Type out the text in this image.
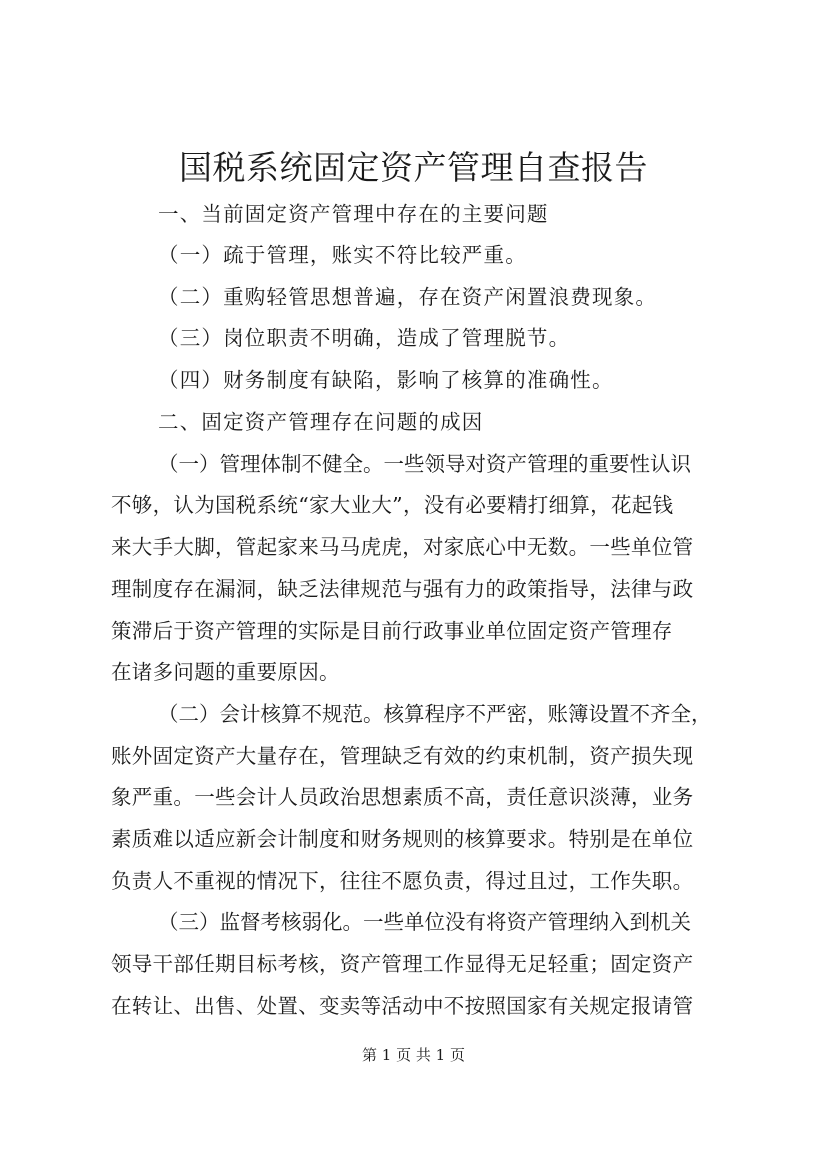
国税系统固定资产管理自查报告
一、当前固定资产管理中存在的主要问题
（一）疏于管理，账实不符比较严重。
（二）重购轻管思想普遍，存在资产闲置浪费现象。
（三）岗位职责不明确，造成了管理脱节。
（四）财务制度有缺陷，影响了核算的准确性。
二、固定资产管理存在问题的成因
（一）管理体制不健全。一些领导对资产管理的重要性认识
不够，认为国税系统“家大业大”，没有必要精打细算，花起钱
来大手大脚，管起家来马马虎虎，对家底心中无数。一些单位管
理制度存在漏洞，缺乏法律规范与强有力的政策指导，法律与政
策滞后于资产管理的实际是目前行政事业单位固定资产管理存
在诸多问题的重要原因。
（二）会计核算不规范。核算程序不严密，账簿设置不齐全，
账外固定资产大量存在，管理缺乏有效的约束机制，资产损失现
象严重。一些会计人员政治思想素质不高，责任意识淡薄，业务
素质难以适应新会计制度和财务规则的核算要求。特别是在单位
负责人不重视的情况下，往往不愿负责，得过且过，工作失职。
（三）监督考核弱化。一些单位没有将资产管理纳入到机关
领导干部任期目标考核，资产管理工作显得无足轻重；固定资产
在转让、出售、处置、变卖等活动中不按照国家有关规定报请管
第 1 页 共 1 页
